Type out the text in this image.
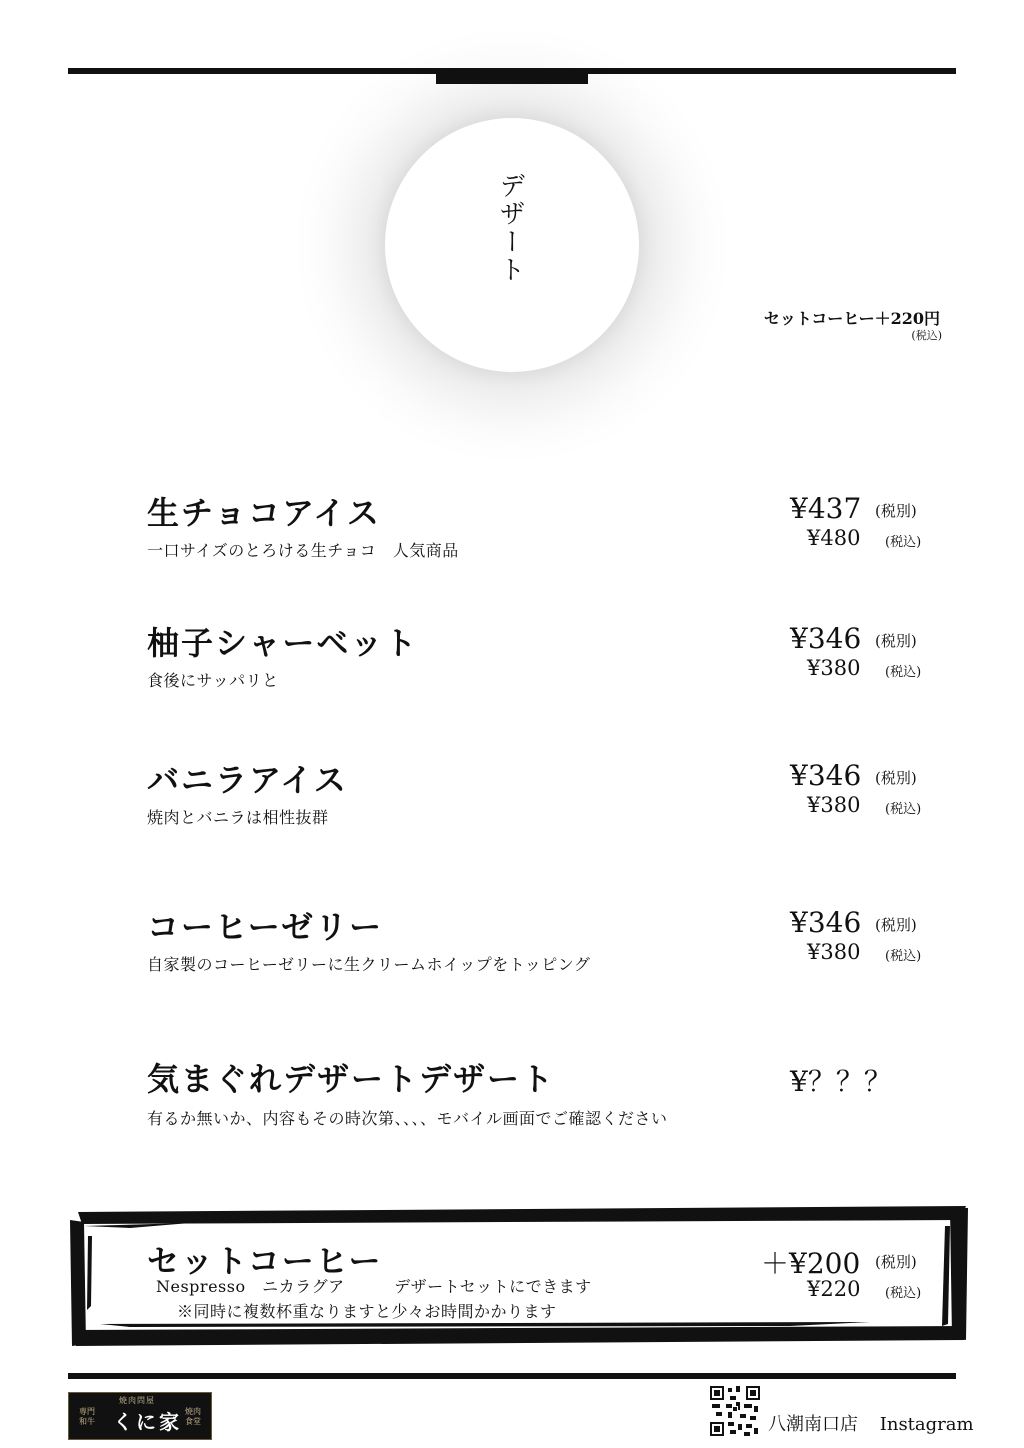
デザート
セットコーヒー＋220円
(税込)
生チョコアイス
一口サイズのとろける生チョコ　人気商品
¥437 (税別)
¥480 (税込)
柚子シャーベット
食後にサッパリと
¥346 (税別)
¥380 (税込)
バニラアイス
焼肉とバニラは相性抜群
¥346 (税別)
¥380 (税込)
コーヒーゼリー
自家製のコーヒーゼリーに生クリームホイップをトッピング
¥346 (税別)
¥380 (税込)
気まぐれデザートデザート
有るか無いか、内容もその時次第、、、、モバイル画面でご確認ください
¥？？？
セットコーヒー
Nespresso　ニカラグア　　　デザートセットにできます
※同時に複数杯重なりますと少々お時間かかります
＋¥200 (税別)
¥220 (税込)
焼肉問屋
専門和牛 くに家 焼肉食堂	八潮南口店 Instagram
